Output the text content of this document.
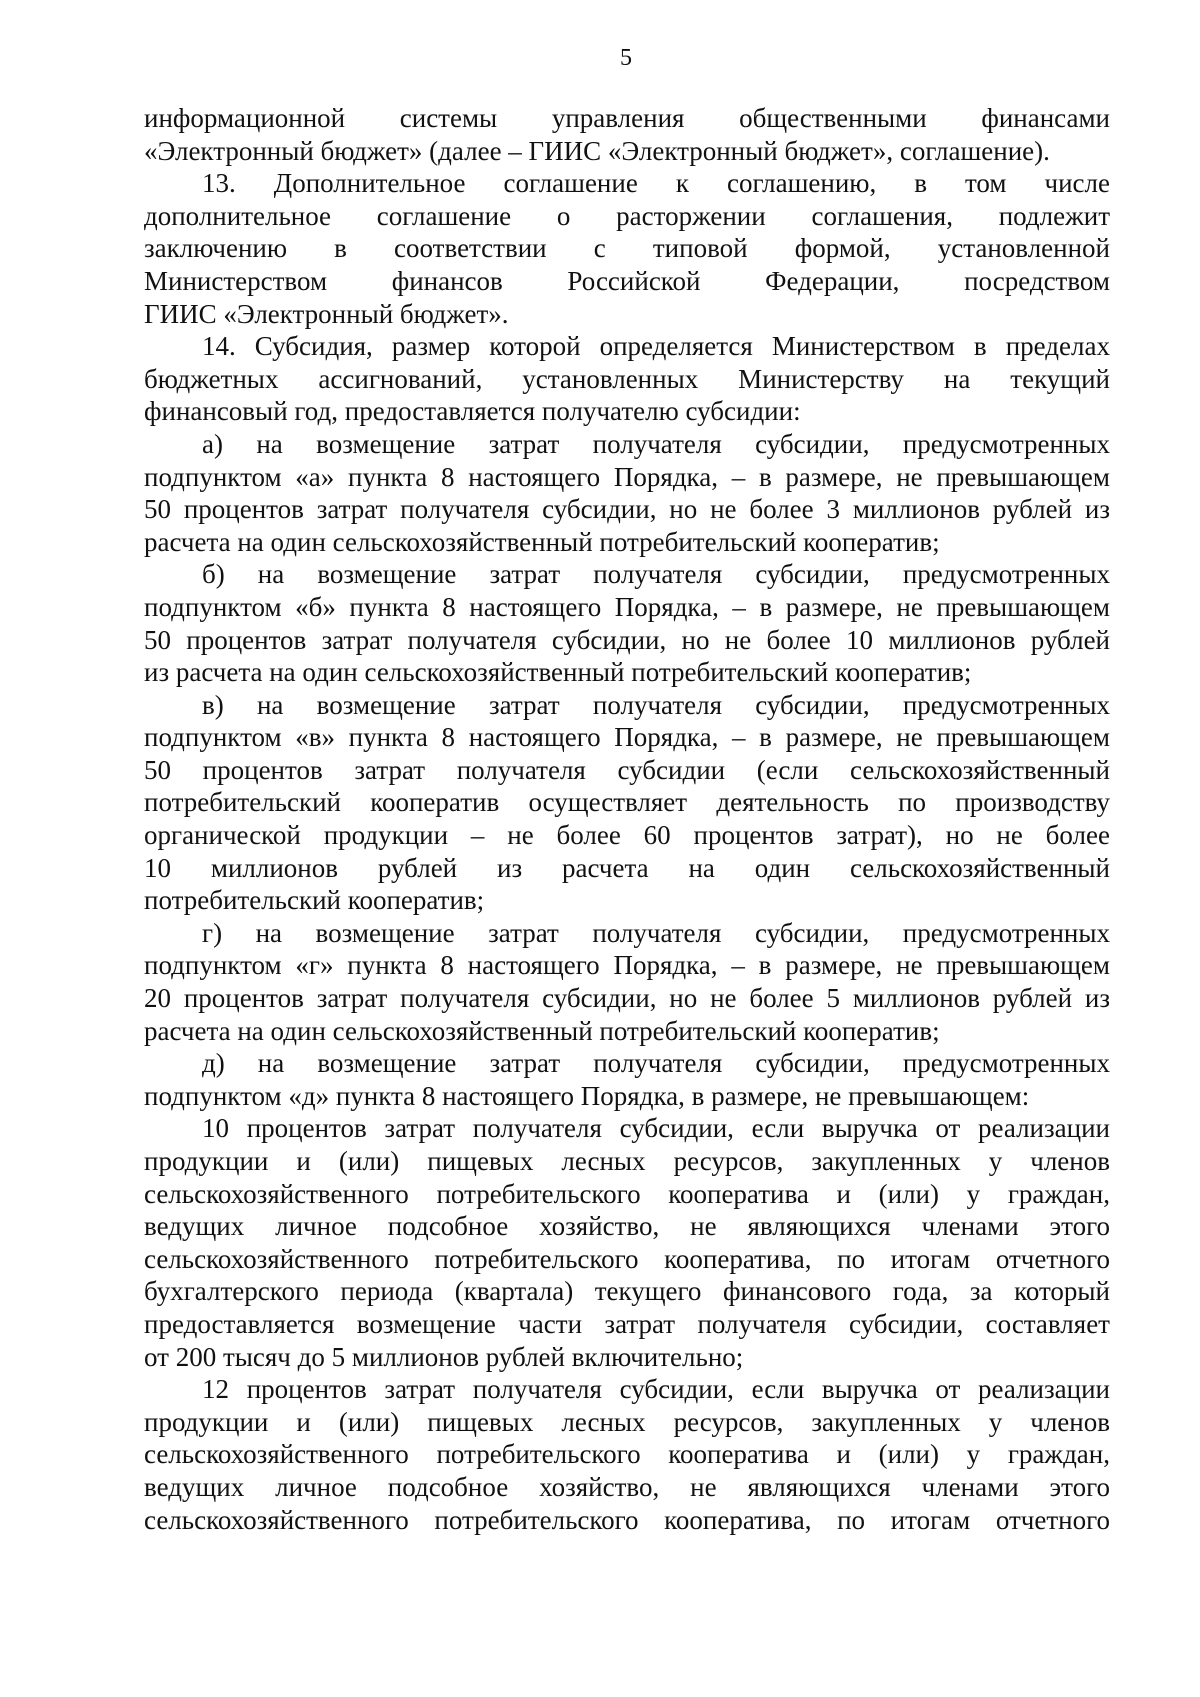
5
информационной системы управления общественными финансами
«Электронный бюджет» (далее – ГИИС «Электронный бюджет», соглашение).
13. Дополнительное соглашение к соглашению, в том числе
дополнительное соглашение о расторжении соглашения, подлежит
заключению в соответствии с типовой формой, установленной
Министерством финансов Российской Федерации, посредством
ГИИС «Электронный бюджет».
14. Субсидия, размер которой определяется Министерством в пределах
бюджетных ассигнований, установленных Министерству на текущий
финансовый год, предоставляется получателю субсидии:
а) на возмещение затрат получателя субсидии, предусмотренных
подпунктом «а» пункта 8 настоящего Порядка, – в размере, не превышающем
50 процентов затрат получателя субсидии, но не более 3 миллионов рублей из
расчета на один сельскохозяйственный потребительский кооператив;
б) на возмещение затрат получателя субсидии, предусмотренных
подпунктом «б» пункта 8 настоящего Порядка, – в размере, не превышающем
50 процентов затрат получателя субсидии, но не более 10 миллионов рублей
из расчета на один сельскохозяйственный потребительский кооператив;
в) на возмещение затрат получателя субсидии, предусмотренных
подпунктом «в» пункта 8 настоящего Порядка, – в размере, не превышающем
50 процентов затрат получателя субсидии (если сельскохозяйственный
потребительский кооператив осуществляет деятельность по производству
органической продукции – не более 60 процентов затрат), но не более
10 миллионов рублей из расчета на один сельскохозяйственный
потребительский кооператив;
г) на возмещение затрат получателя субсидии, предусмотренных
подпунктом «г» пункта 8 настоящего Порядка, – в размере, не превышающем
20 процентов затрат получателя субсидии, но не более 5 миллионов рублей из
расчета на один сельскохозяйственный потребительский кооператив;
д) на возмещение затрат получателя субсидии, предусмотренных
подпунктом «д» пункта 8 настоящего Порядка, в размере, не превышающем:
10 процентов затрат получателя субсидии, если выручка от реализации
продукции и (или) пищевых лесных ресурсов, закупленных у членов
сельскохозяйственного потребительского кооператива и (или) у граждан,
ведущих личное подсобное хозяйство, не являющихся членами этого
сельскохозяйственного потребительского кооператива, по итогам отчетного
бухгалтерского периода (квартала) текущего финансового года, за который
предоставляется возмещение части затрат получателя субсидии, составляет
от 200 тысяч до 5 миллионов рублей включительно;
12 процентов затрат получателя субсидии, если выручка от реализации
продукции и (или) пищевых лесных ресурсов, закупленных у членов
сельскохозяйственного потребительского кооператива и (или) у граждан,
ведущих личное подсобное хозяйство, не являющихся членами этого
сельскохозяйственного потребительского кооператива, по итогам отчетного
